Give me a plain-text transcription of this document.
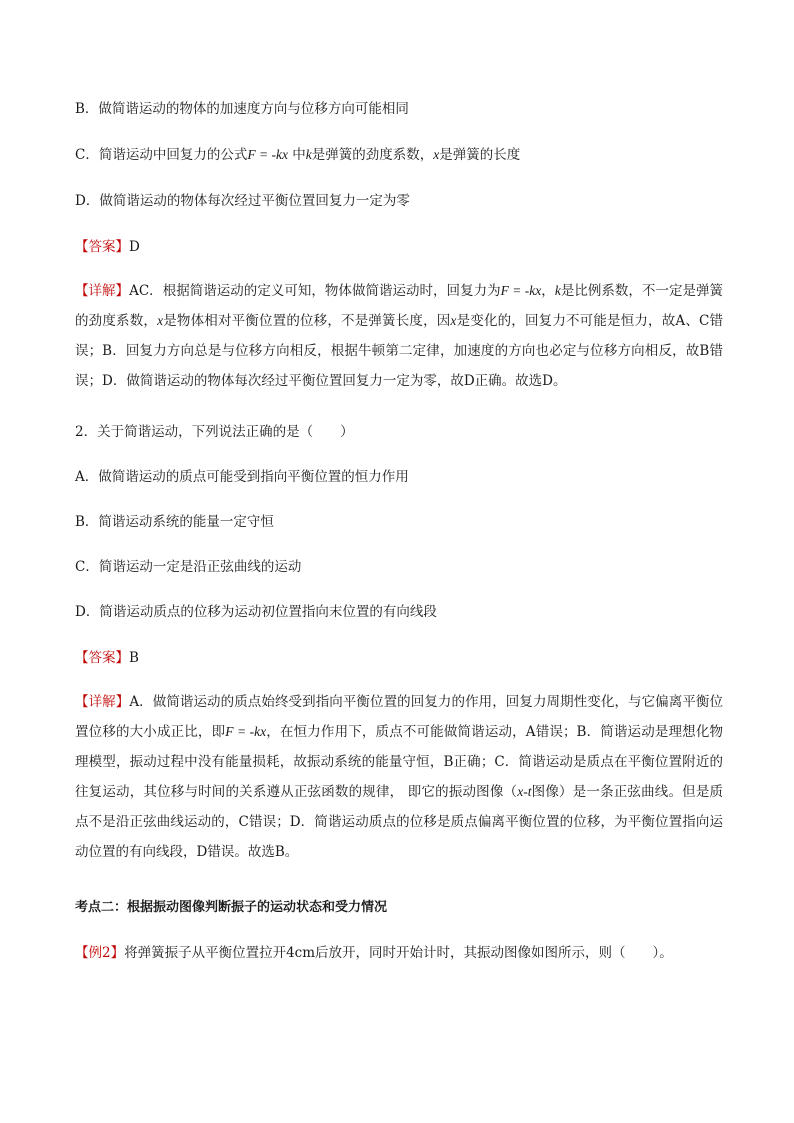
B．做简谐运动的物体的加速度方向与位移方向可能相同
C．简谐运动中回复力的公式F = -kx 中k是弹簧的劲度系数，x是弹簧的长度
D．做简谐运动的物体每次经过平衡位置回复力一定为零
【答案】D
【详解】AC．根据简谐运动的定义可知，物体做简谐运动时，回复力为F = -kx，k是比例系数，不一定是弹簧的劲度系数，x是物体相对平衡位置的位移，不是弹簧长度，因x是变化的，回复力不可能是恒力，故A、C错误；B．回复力方向总是与位移方向相反，根据牛顿第二定律，加速度的方向也必定与位移方向相反，故B错误；D．做简谐运动的物体每次经过平衡位置回复力一定为零，故D正确。故选D。
2．关于简谐运动，下列说法正确的是（　　）
A．做简谐运动的质点可能受到指向平衡位置的恒力作用
B．简谐运动系统的能量一定守恒
C．简谐运动一定是沿正弦曲线的运动
D．简谐运动质点的位移为运动初位置指向末位置的有向线段
【答案】B
【详解】A．做简谐运动的质点始终受到指向平衡位置的回复力的作用，回复力周期性变化，与它偏离平衡位置位移的大小成正比，即F = -kx，在恒力作用下，质点不可能做简谐运动，A错误；B．简谐运动是理想化物理模型，振动过程中没有能量损耗，故振动系统的能量守恒，B正确；C．简谐运动是质点在平衡位置附近的往复运动，其位移与时间的关系遵从正弦函数的规律， 即它的振动图像（x-t图像）是一条正弦曲线。但是质点不是沿正弦曲线运动的，C错误；D．简谐运动质点的位移是质点偏离平衡位置的位移，为平衡位置指向运动位置的有向线段，D错误。故选B。
考点二：根据振动图像判断振子的运动状态和受力情况
【例2】将弹簧振子从平衡位置拉开4cm后放开，同时开始计时，其振动图像如图所示，则（　　）。
